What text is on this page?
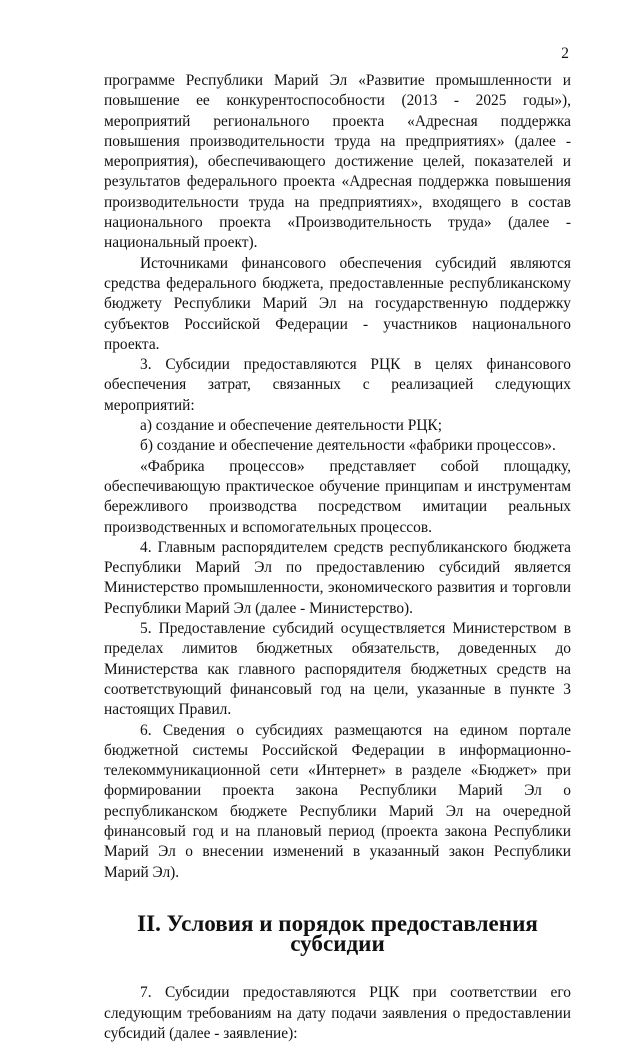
2

программе Республики Марий Эл «Развитие промышленности и повышение ее конкурентоспособности (2013 - 2025 годы»), мероприятий регионального проекта «Адресная поддержка повышения производительности труда на предприятиях» (далее - мероприятия), обеспечивающего достижение целей, показателей и результатов федерального проекта «Адресная поддержка повышения производительности труда на предприятиях», входящего в состав национального проекта «Производительность труда» (далее - национальный проект).

Источниками финансового обеспечения субсидий являются средства федерального бюджета, предоставленные республиканскому бюджету Республики Марий Эл на государственную поддержку субъектов Российской Федерации - участников национального проекта.

3. Субсидии предоставляются РЦК в целях финансового обеспечения затрат, связанных с реализацией следующих мероприятий:

а) создание и обеспечение деятельности РЦК;

б) создание и обеспечение деятельности «фабрики процессов».

«Фабрика процессов» представляет собой площадку, обеспечивающую практическое обучение принципам и инструментам бережливого производства посредством имитации реальных производственных и вспомогательных процессов.

4. Главным распорядителем средств республиканского бюджета Республики Марий Эл по предоставлению субсидий является Министерство промышленности, экономического развития и торговли Республики Марий Эл (далее - Министерство).

5. Предоставление субсидий осуществляется Министерством в пределах лимитов бюджетных обязательств, доведенных до Министерства как главного распорядителя бюджетных средств на соответствующий финансовый год на цели, указанные в пункте 3 настоящих Правил.

6. Сведения о субсидиях размещаются на едином портале бюджетной системы Российской Федерации в информационно-телекоммуникационной сети «Интернет» в разделе «Бюджет» при формировании проекта закона Республики Марий Эл о республиканском бюджете Республики Марий Эл на очередной финансовый год и на плановый период (проекта закона Республики Марий Эл о внесении изменений в указанный закон Республики Марий Эл).

II. Условия и порядок предоставления субсидии

7. Субсидии предоставляются РЦК при соответствии его следующим требованиям на дату подачи заявления о предоставлении субсидий (далее - заявление):
